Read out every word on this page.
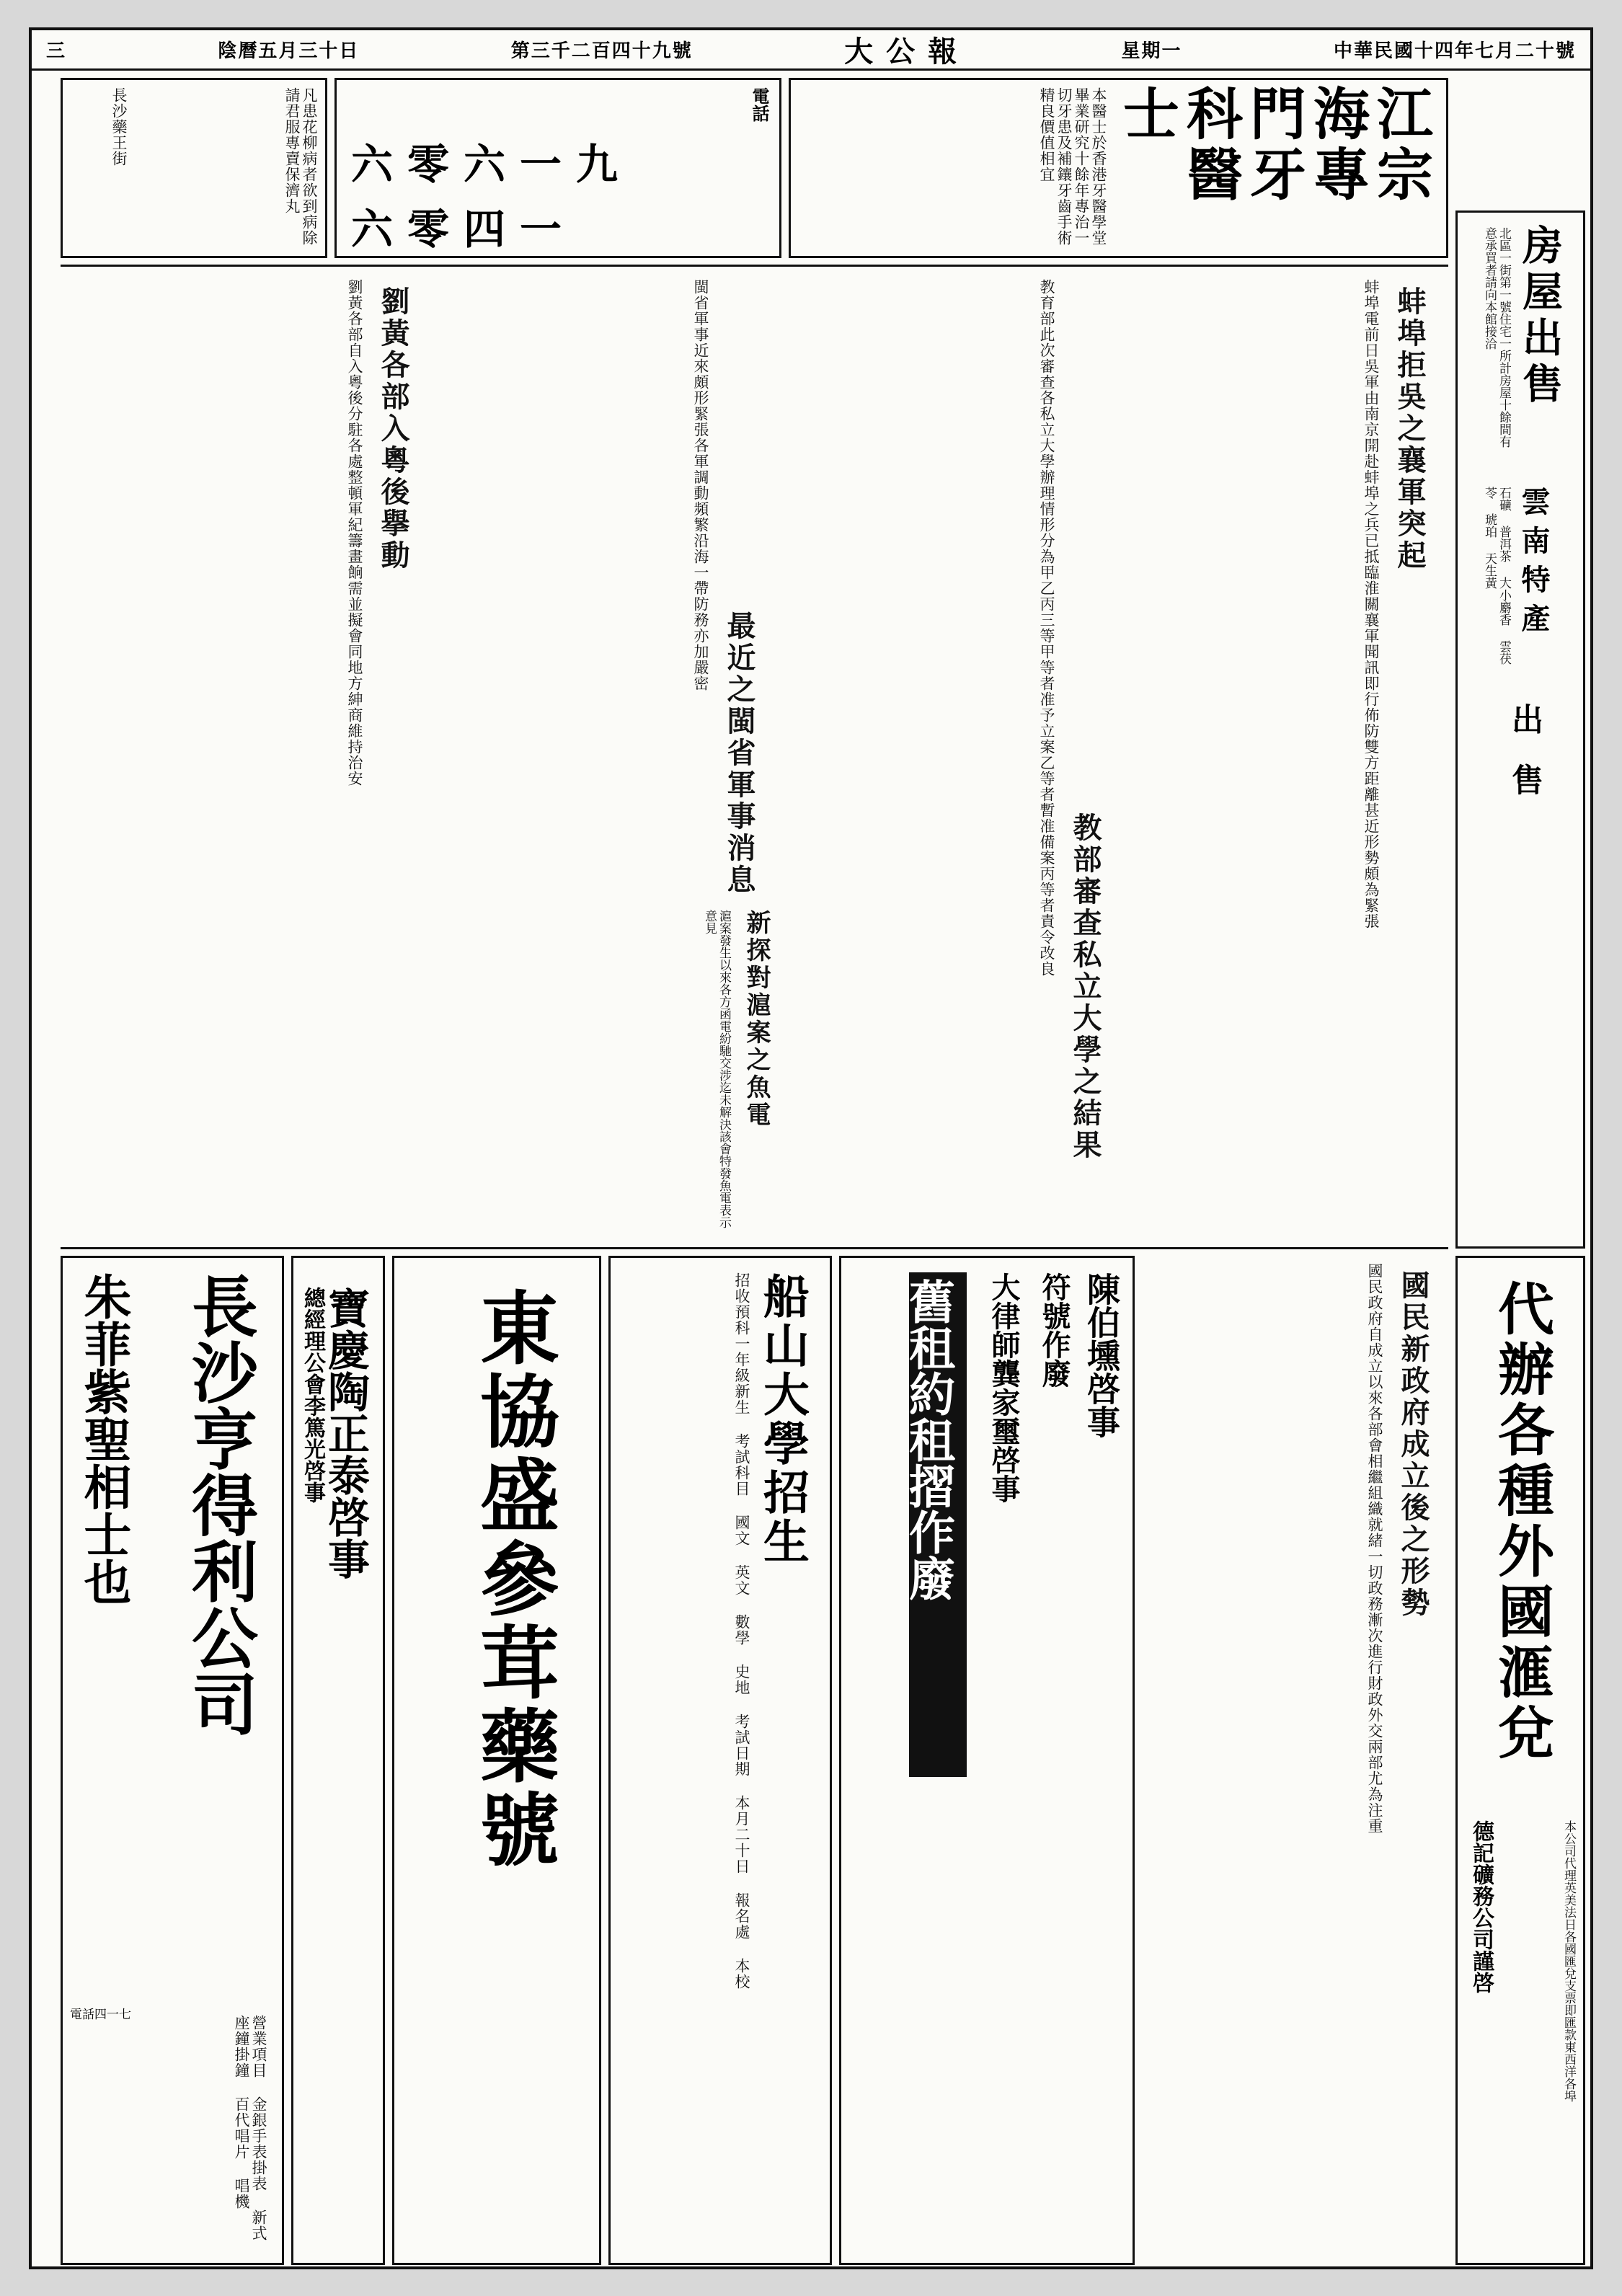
三	陰曆五月三十日	第三千二百四十九號	大公報	星期一	中華民國十四年七月二十號
江宗海專門牙科醫士
本醫士於香港牙醫學堂畢業研究十餘年專治一切牙患及補鑲牙齒手術精良價值相宜
電話
六零六一九
六零四一
凡患花柳病者欲到病除請君服專賣保濟丸
長沙藥王街
房屋出售
北區一街第一號住宅一所計房屋十餘間有意承買者請向本館接洽
雲南特產
石礦 普洱茶 大小麝香 雲茯苓 琥珀 天生黃
出售
代辦各種外國滙兌
本公司代理英美法日各國匯兌支票即匯款東西洋各埠
德記礦務公司謹啓
蚌埠拒吳之襄軍突起
蚌埠電前日吳軍由南京開赴蚌埠之兵已抵臨淮關襄軍聞訊即行佈防雙方距離甚近形勢頗為緊張
教部審查私立大學之結果
教育部此次審查各私立大學辦理情形分為甲乙丙三等甲等者准予立案乙等者暫准備案丙等者責令改良
最近之閩省軍事消息
閩省軍事近來頗形緊張各軍調動頻繁沿海一帶防務亦加嚴密
劉黃各部入粵後擧動
劉黃各部自入粵後分駐各處整頓軍紀籌畫餉需並擬會同地方紳商維持治安
國民新政府成立後之形勢
國民政府自成立以來各部會相繼組織就緒一切政務漸次進行財政外交兩部尤為注重
新探對滬案之魚電
滬案發生以來各方函電紛馳交涉迄未解決該會特發魚電表示意見
陳伯壎啓事
符號作廢
大律師龔家璽啓事
舊租約租摺作廢
船山大學招生
招收預科一年級新生 考試科目 國文 英文 數學 史地 考試日期 本月二十日 報名處 本校
東協盛參茸藥號
寶慶陶正泰啓事
總經理公會李篤光啓事
長沙亨得利公司
朱菲紫聖相士也
營業項目 金銀手表掛表 新式座鐘掛鐘 百代唱片 唱機
電話四一七
